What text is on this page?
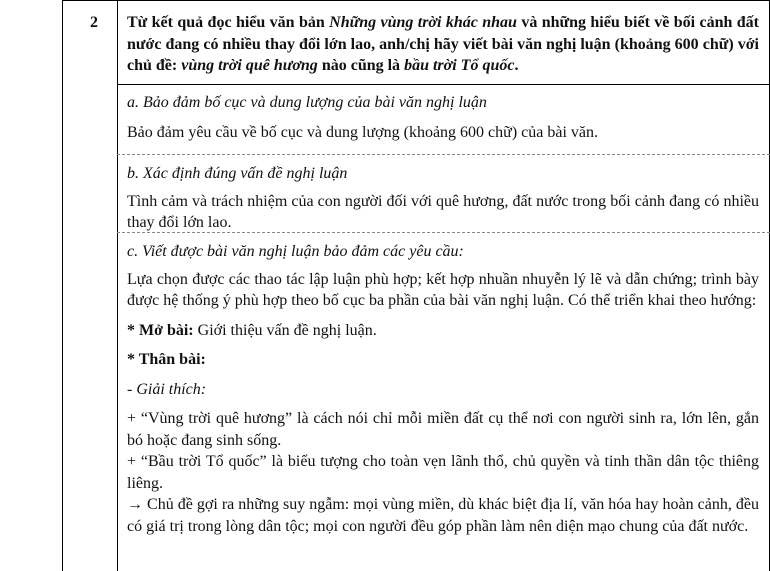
2	Từ kết quả đọc hiểu văn bản Những vùng trời khác nhau và những hiểu biết về bối cảnh đất nước đang có nhiều thay đổi lớn lao, anh/chị hãy viết bài văn nghị luận (khoảng 600 chữ) với chủ đề: vùng trời quê hương nào cũng là bầu trời Tổ quốc.

a. Bảo đảm bố cục và dung lượng của bài văn nghị luận

Bảo đảm yêu cầu về bố cục và dung lượng (khoảng 600 chữ) của bài văn.

b. Xác định đúng vấn đề nghị luận

Tình cảm và trách nhiệm của con người đối với quê hương, đất nước trong bối cảnh đang có nhiều thay đổi lớn lao.

c. Viết được bài văn nghị luận bảo đảm các yêu cầu:

Lựa chọn được các thao tác lập luận phù hợp; kết hợp nhuần nhuyễn lý lẽ và dẫn chứng; trình bày được hệ thống ý phù hợp theo bố cục ba phần của bài văn nghị luận. Có thể triển khai theo hướng:

* Mở bài: Giới thiệu vấn đề nghị luận.

* Thân bài:

- Giải thích:

+ “Vùng trời quê hương” là cách nói chỉ mỗi miền đất cụ thể nơi con người sinh ra, lớn lên, gắn bó hoặc đang sinh sống.

+ “Bầu trời Tổ quốc” là biểu tượng cho toàn vẹn lãnh thổ, chủ quyền và tinh thần dân tộc thiêng liêng.

→ Chủ đề gợi ra những suy ngẫm: mọi vùng miền, dù khác biệt địa lí, văn hóa hay hoàn cảnh, đều có giá trị trong lòng dân tộc; mọi con người đều góp phần làm nên diện mạo chung của đất nước.
